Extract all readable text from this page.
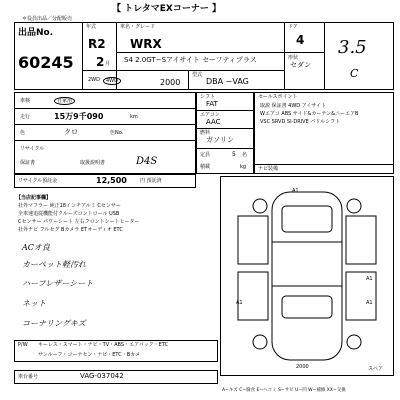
【 トレタマEXコーナー 】
＊役員出品／分配販売
出品No.
60245
年式
R2
2 月
車名・グレード
WRX
S4 2.0GT−Sアイサイト セーフティプラス
2WD	4WD	2000
型式
DBA −VAG
ドア
4
形状
セダン
3.5
C
車検	自家用
走行	15万9千090	km
色	クロ	色No.
リサイクル
保証書	取扱説明書	D4S
シフト
FAT
エアコン
AAC
燃料
ガソリン
定員	5 名
積載	kg
セールスポイント
取説 保証書 4WD アイサイト
Wエアコ ABS サイド&カーテン&ニーエアB
VSC SRVD SI-DRIVE パドルシフト
ナビ装備
リサイクル預託金	12,500	円 預託済
【当店記事欄】
社外マフラー 純正18インチアルミ Cセンサー
全車速追従機能付クルーズコントロール USB
Cセンサー パワーシート 左右フロントシートヒーター
社外ナビ フルセグ Bカメラ ETオーディオ ETC
ACオ良
カーペット軽汚れ
ハーフレザーシート
ネット
コーナリングキズ
P/W キーレス・スマート・ナビ・TV・ABS・エアバック・ETC
サンルーフ・コーナセン・ナビ・ETC・Bカメ
車台番号	VAG-037042
A1
A1
A1	A1
2000	スペア
A−キズ C−腐食 E−ヘコミ S−サビ U−凹 W−補修 XX−交換
